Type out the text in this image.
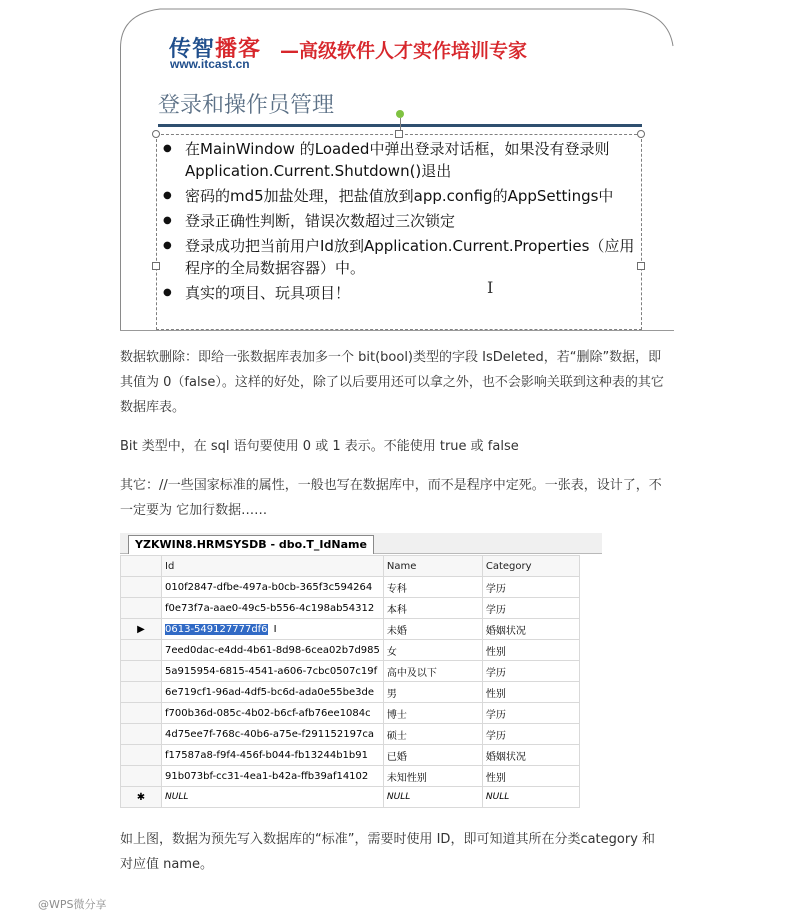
传智播客
www.itcast.cn
—高级软件人才实作培训专家
登录和操作员管理
● 在MainWindow 的Loaded中弹出登录对话框，如果没有登录则Application.Current.Shutdown()退出
● 密码的md5加盐处理，把盐值放到app.config的AppSettings中
● 登录正确性判断，错误次数超过三次锁定
● 登录成功把当前用户Id放到Application.Current.Properties（应用程序的全局数据容器）中。
● 真实的项目、玩具项目！	I
数据软删除：即给一张数据库表加多一个 bit(bool)类型的字段 IsDeleted，若“删除”数据，即其值为 0（false）。这样的好处，除了以后要用还可以拿之外，也不会影响关联到这种表的其它数据库表。
Bit 类型中，在 sql 语句要使用 0 或 1 表示。不能使用 true 或 false
其它：//一些国家标准的属性，一般也写在数据库中，而不是程序中定死。一张表，设计了，不一定要为 它加行数据……
YZKWIN8.HRMSYSDB - dbo.T_IdName
	Id	Name	Category
	010f2847-dfbe-497a-b0cb-365f3c594264	专科	学历
	f0e73f7a-aae0-49c5-b556-4c198ab54312	本科	学历
▶	0613-549127777df6 I	未婚	婚姻状况
	7eed0dac-e4dd-4b61-8d98-6cea02b7d985	女	性别
	5a915954-6815-4541-a606-7cbc0507c19f	高中及以下	学历
	6e719cf1-96ad-4df5-bc6d-ada0e55be3de	男	性别
	f700b36d-085c-4b02-b6cf-afb76ee1084c	博士	学历
	4d75ee7f-768c-40b6-a75e-f291152197ca	硕士	学历
	f17587a8-f9f4-456f-b044-fb13244b1b91	已婚	婚姻状况
	91b073bf-cc31-4ea1-b42a-ffb39af14102	未知性别	性别
✱	NULL	NULL	NULL
如上图，数据为预先写入数据库的“标准”，需要时使用 ID，即可知道其所在分类category 和对应值 name。
@WPS微分享
